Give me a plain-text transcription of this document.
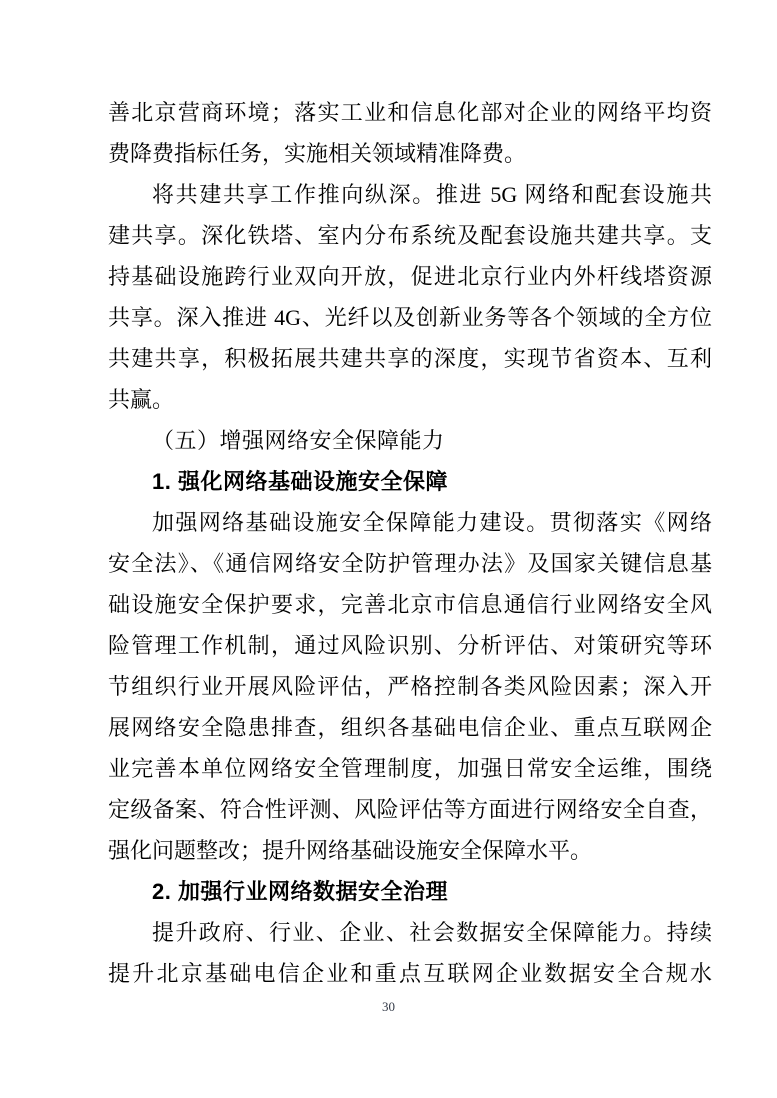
善北京营商环境；落实工业和信息化部对企业的网络平均资
费降费指标任务，实施相关领域精准降费。
将共建共享工作推向纵深。推进 5G 网络和配套设施共
建共享。深化铁塔、室内分布系统及配套设施共建共享。支
持基础设施跨行业双向开放，促进北京行业内外杆线塔资源
共享。深入推进 4G、光纤以及创新业务等各个领域的全方位
共建共享，积极拓展共建共享的深度，实现节省资本、互利
共赢。
（五）增强网络安全保障能力
1. 强化网络基础设施安全保障
加强网络基础设施安全保障能力建设。贯彻落实《网络
安全法》、《通信网络安全防护管理办法》及国家关键信息基
础设施安全保护要求，完善北京市信息通信行业网络安全风
险管理工作机制，通过风险识别、分析评估、对策研究等环
节组织行业开展风险评估，严格控制各类风险因素；深入开
展网络安全隐患排查，组织各基础电信企业、重点互联网企
业完善本单位网络安全管理制度，加强日常安全运维，围绕
定级备案、符合性评测、风险评估等方面进行网络安全自查，
强化问题整改；提升网络基础设施安全保障水平。
2. 加强行业网络数据安全治理
提升政府、行业、企业、社会数据安全保障能力。持续
提升北京基础电信企业和重点互联网企业数据安全合规水
30
